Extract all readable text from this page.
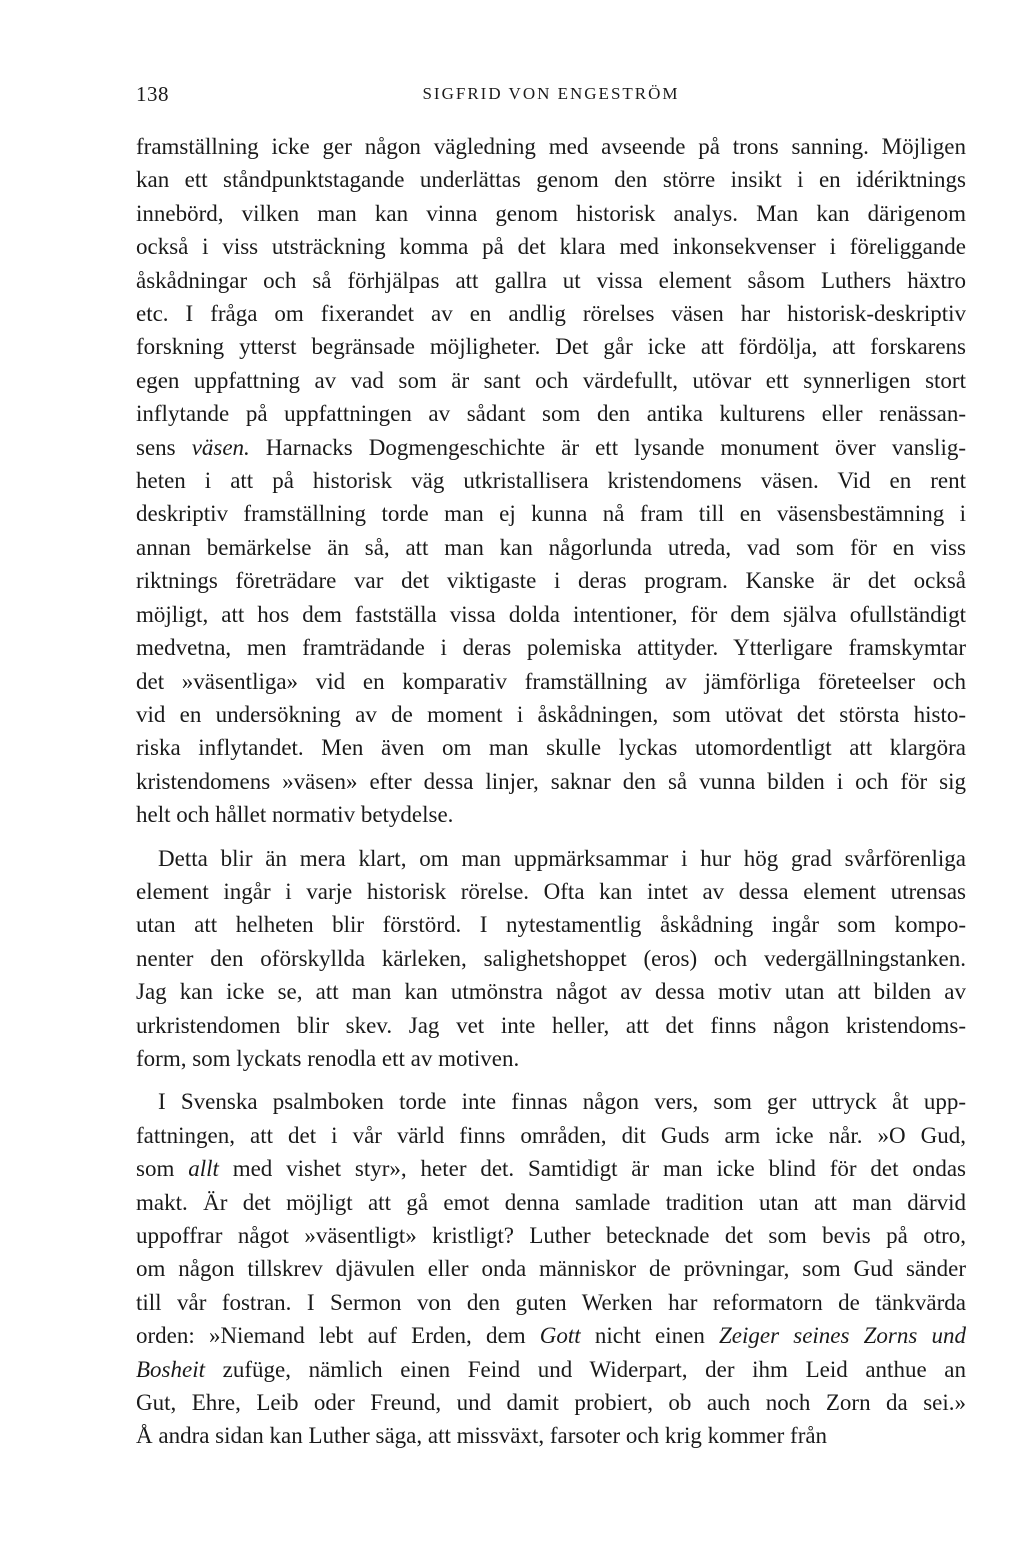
138	SIGFRID VON ENGESTRÖM

framställning icke ger någon vägledning med avseende på trons sanning. Möjligen
kan ett ståndpunktstagande underlättas genom den större insikt i en idériktnings
innebörd, vilken man kan vinna genom historisk analys. Man kan därigenom
också i viss utsträckning komma på det klara med inkonsekvenser i föreliggande
åskådningar och så förhjälpas att gallra ut vissa element såsom Luthers häxtro
etc. I fråga om fixerandet av en andlig rörelses väsen har historisk-deskriptiv
forskning ytterst begränsade möjligheter. Det går icke att fördölja, att forskarens
egen uppfattning av vad som är sant och värdefullt, utövar ett synnerligen stort
inflytande på uppfattningen av sådant som den antika kulturens eller renässan-
sens väsen. Harnacks Dogmengeschichte är ett lysande monument över vanslig-
heten i att på historisk väg utkristallisera kristendomens väsen. Vid en rent
deskriptiv framställning torde man ej kunna nå fram till en väsensbestämning i
annan bemärkelse än så, att man kan någorlunda utreda, vad som för en viss
riktnings företrädare var det viktigaste i deras program. Kanske är det också
möjligt, att hos dem fastställa vissa dolda intentioner, för dem själva ofullständigt
medvetna, men framträdande i deras polemiska attityder. Ytterligare framskymtar
det »väsentliga» vid en komparativ framställning av jämförliga företeelser och
vid en undersökning av de moment i åskådningen, som utövat det största histo-
riska inflytandet. Men även om man skulle lyckas utomordentligt att klargöra
kristendomens »väsen» efter dessa linjer, saknar den så vunna bilden i och för sig
helt och hållet normativ betydelse.

Detta blir än mera klart, om man uppmärksammar i hur hög grad svårförenliga
element ingår i varje historisk rörelse. Ofta kan intet av dessa element utrensas
utan att helheten blir förstörd. I nytestamentlig åskådning ingår som kompo-
nenter den oförskyllda kärleken, salighetshoppet (eros) och vedergällningstanken.
Jag kan icke se, att man kan utmönstra något av dessa motiv utan att bilden av
urkristendomen blir skev. Jag vet inte heller, att det finns någon kristendoms-
form, som lyckats renodla ett av motiven.

I Svenska psalmboken torde inte finnas någon vers, som ger uttryck åt upp-
fattningen, att det i vår värld finns områden, dit Guds arm icke når. »O Gud,
som allt med vishet styr», heter det. Samtidigt är man icke blind för det ondas
makt. Är det möjligt att gå emot denna samlade tradition utan att man därvid
uppoffrar något »väsentligt» kristligt? Luther betecknade det som bevis på otro,
om någon tillskrev djävulen eller onda människor de prövningar, som Gud sänder
till vår fostran. I Sermon von den guten Werken har reformatorn de tänkvärda
orden: »Niemand lebt auf Erden, dem Gott nicht einen Zeiger seines Zorns und
Bosheit zufüge, nämlich einen Feind und Widerpart, der ihm Leid anthue an
Gut, Ehre, Leib oder Freund, und damit probiert, ob auch noch Zorn da sei.»
Å andra sidan kan Luther säga, att missväxt, farsoter och krig kommer från
